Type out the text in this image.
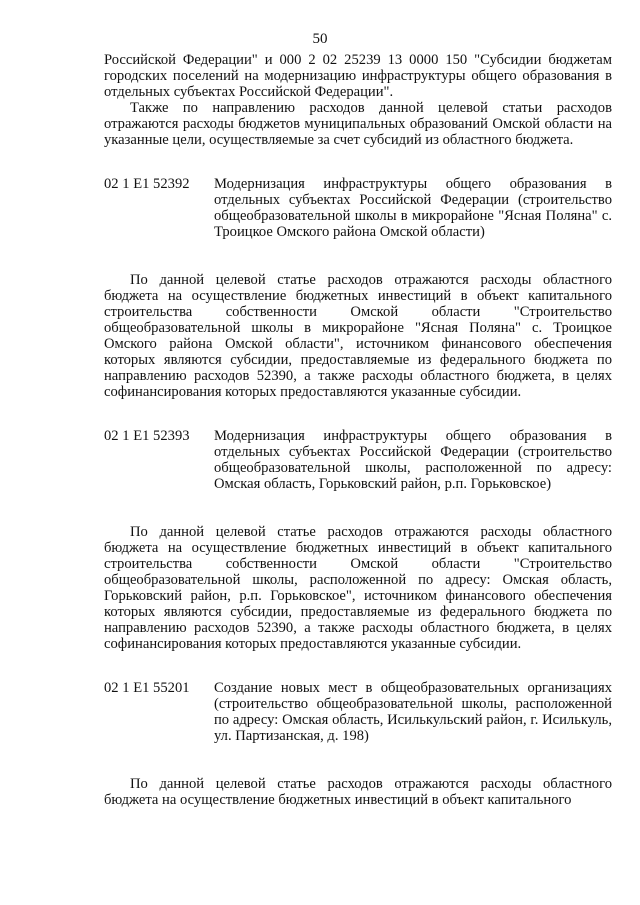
50

Российской Федерации" и 000 2 02 25239 13 0000 150 "Субсидии бюджетам городских поселений на модернизацию инфраструктуры общего образования в отдельных субъектах Российской Федерации".

Также по направлению расходов данной целевой статьи расходов отражаются расходы бюджетов муниципальных образований Омской области на указанные цели, осуществляемые за счет субсидий из областного бюджета.

02 1 E1 52392	Модернизация инфраструктуры общего образования в отдельных субъектах Российской Федерации (строительство общеобразовательной школы в микрорайоне "Ясная Поляна" с. Троицкое Омского района Омской области)

По данной целевой статье расходов отражаются расходы областного бюджета на осуществление бюджетных инвестиций в объект капитального строительства собственности Омской области "Строительство общеобразовательной школы в микрорайоне "Ясная Поляна" с. Троицкое Омского района Омской области", источником финансового обеспечения которых являются субсидии, предоставляемые из федерального бюджета по направлению расходов 52390, а также расходы областного бюджета, в целях софинансирования которых предоставляются указанные субсидии.

02 1 E1 52393	Модернизация инфраструктуры общего образования в отдельных субъектах Российской Федерации (строительство общеобразовательной школы, расположенной по адресу: Омская область, Горьковский район, р.п. Горьковское)

По данной целевой статье расходов отражаются расходы областного бюджета на осуществление бюджетных инвестиций в объект капитального строительства собственности Омской области "Строительство общеобразовательной школы, расположенной по адресу: Омская область, Горьковский район, р.п. Горьковское", источником финансового обеспечения которых являются субсидии, предоставляемые из федерального бюджета по направлению расходов 52390, а также расходы областного бюджета, в целях софинансирования которых предоставляются указанные субсидии.

02 1 E1 55201	Создание новых мест в общеобразовательных организациях (строительство общеобразовательной школы, расположенной по адресу: Омская область, Исилькульский район, г. Исилькуль, ул. Партизанская, д. 198)

По данной целевой статье расходов отражаются расходы областного бюджета на осуществление бюджетных инвестиций в объект капитального
